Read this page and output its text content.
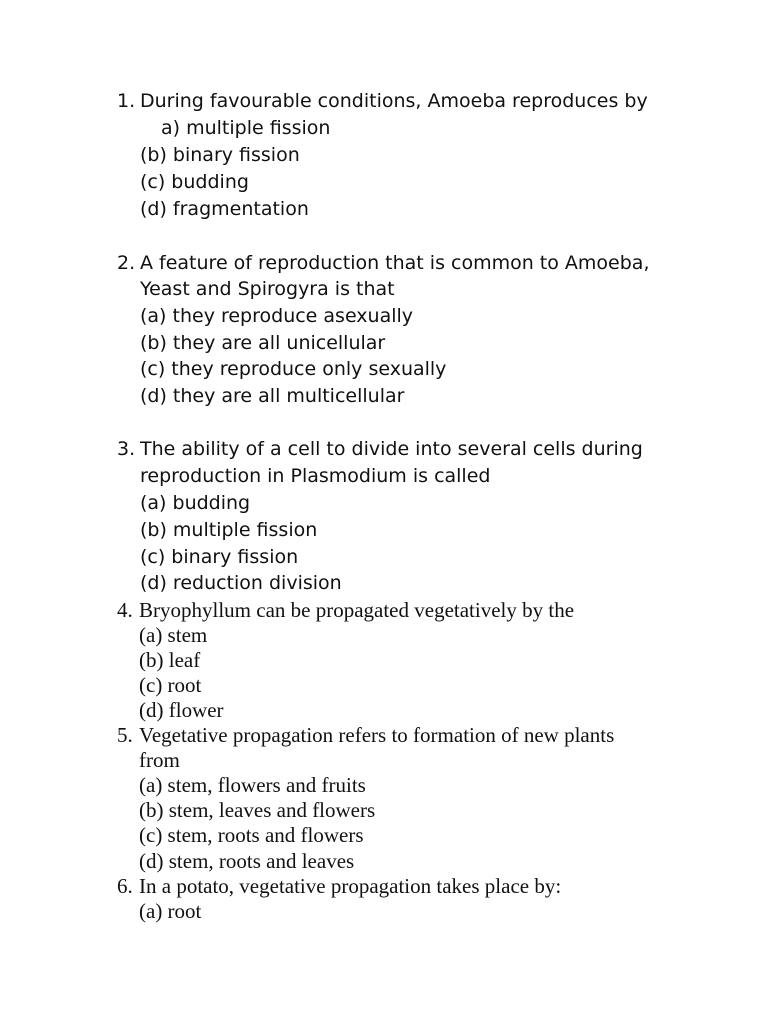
1. During favourable conditions, Amoeba reproduces by
a) multiple fission
(b) binary fission
(c) budding
(d) fragmentation
2. A feature of reproduction that is common to Amoeba,
Yeast and Spirogyra is that
(a) they reproduce asexually
(b) they are all unicellular
(c) they reproduce only sexually
(d) they are all multicellular
3. The ability of a cell to divide into several cells during
reproduction in Plasmodium is called
(a) budding
(b) multiple fission
(c) binary fission
(d) reduction division
4. Bryophyllum can be propagated vegetatively by the
(a) stem
(b) leaf
(c) root
(d) flower
5. Vegetative propagation refers to formation of new plants
from
(a) stem, flowers and fruits
(b) stem, leaves and flowers
(c) stem, roots and flowers
(d) stem, roots and leaves
6. In a potato, vegetative propagation takes place by:
(a) root
